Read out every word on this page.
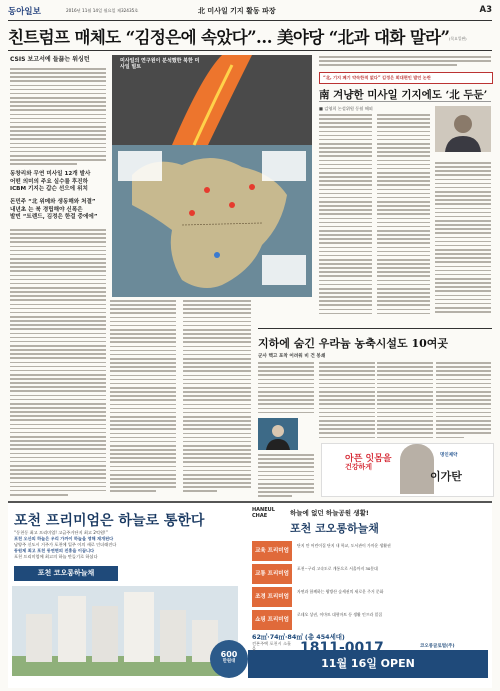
동아일보	2016년 11월 14일 월요일 제32435호	北 미사일 기지 활동 파장	A3
친트럼프 매체도 “김정은에 속았다”… 美야당 “北과 대화 말라” (목요일판)
CSIS 보고서에 들끓는 워싱턴
동창리와 무연 미사일 12개 발사
어떤 의미의 주요 실수를 후진하
ICBM 기지는 갑슨 선으에 위치
돈민주 “北 위메와 생동해와 처결”
내년초 는 북 경립해야 신폭은
발빈 “트렌드, 김정은 한걸 중에에”
미사일의 연구원이 분석했한 북한 미사일 벌트
“北, 기지 폐기 약속한적 없다” 김정은 회대편인 발언 논란
南 겨냥한 미사일 기지에도 ‘北 두둔’
■ 김영희 논설위원 동월 해외
지하에 숨긴 우라늄 농축시설도 10여곳
군사 핵고 포착 어려워 비 건 봉쇄
아픈 잇몸을
건강하게
이가탄
명인제약
포천 프리미엄은 하늘로 통한다
“동천동 최고 프리미엄! 고급주거단지 최고 2억원!”
포천 오산의 하늘은 우리 가까이 하늘을 영해 재개된다
남양주 신도시 거주가 포천에 입주 이의 새로 인더래진다
동원제 최고 포천 동연면의 진흥을 이끕니다
포천 프리미엄에 최고의 하늘 만들기로 하셨다
포천 코오롱하늘채
600
만원대	11월 16일 OPEN
HANEUL CHAE	하늘에 없던 하늘공원 생활!
포천 코오롱하늘채
교육 프리미엄
단지 안 어린이집 단지 내 학교, 도서관이 가까운 생활권
교통 프리미엄
포천~구리 고속도로 개통으로 서울까지 30분대
조경 프리미엄
자연과 함께하는 왕방산 숲세권의 새로운 주거 문화
쇼핑 프리미엄
로데오 상권, 이마트 대형마트 등 생활 인프라 밀집
62㎡·74㎡·84㎡ (총 454세대)
1811-0017
견본주택 포천시 소흘읍	코오롱글로벌(주)
